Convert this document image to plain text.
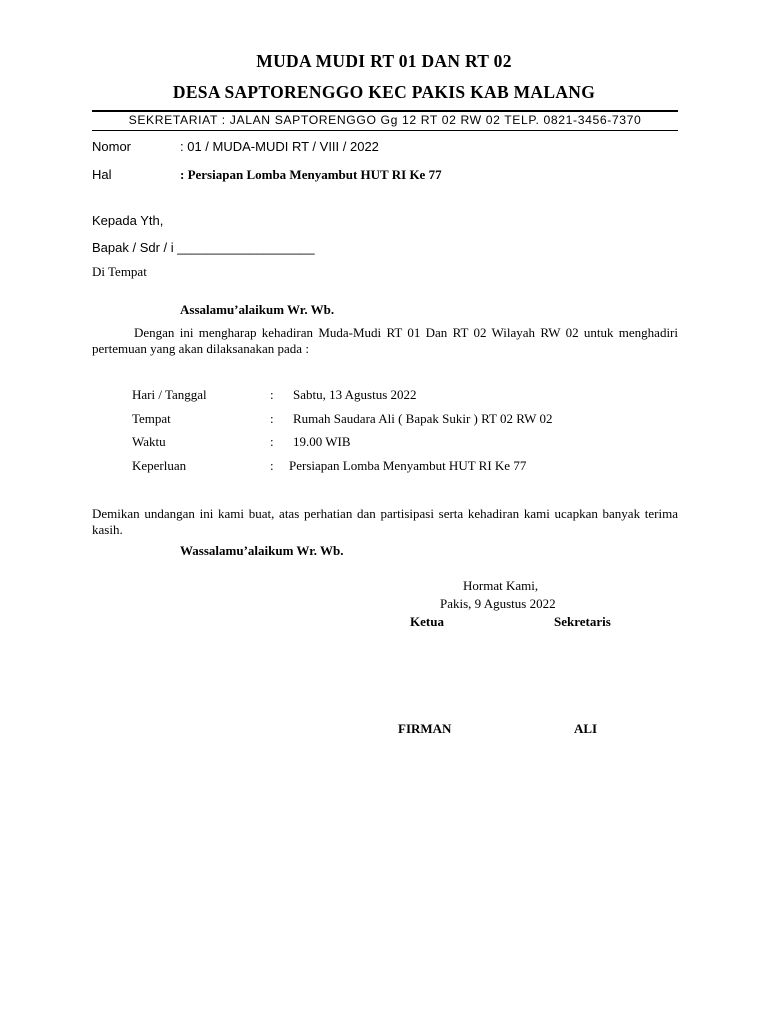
MUDA MUDI RT 01 DAN RT 02
DESA SAPTORENGGO KEC PAKIS KAB MALANG
SEKRETARIAT : JALAN SAPTORENGGO Gg 12 RT 02 RW 02 TELP. 0821-3456-7370
Nomor	: 01 / MUDA-MUDI RT / VIII / 2022
Hal	: Persiapan Lomba Menyambut HUT RI Ke 77
Kepada Yth,
Bapak / Sdr / i ___________________
Di Tempat
Assalamu’alaikum Wr. Wb.
Dengan ini mengharap kehadiran Muda-Mudi RT 01 Dan RT 02 Wilayah RW 02 untuk menghadiri pertemuan yang akan dilaksanakan pada :
Hari / Tanggal	: Sabtu, 13 Agustus 2022
Tempat	: Rumah Saudara Ali ( Bapak Sukir ) RT 02 RW 02
Waktu	: 19.00 WIB
Keperluan	: Persiapan Lomba Menyambut HUT RI Ke 77
Demikan undangan ini kami buat, atas perhatian dan partisipasi serta kehadiran kami ucapkan banyak terima kasih.
Wassalamu’alaikum Wr. Wb.
Hormat Kami,
Pakis, 9 Agustus 2022
Ketua	Sekretaris
FIRMAN	ALI
